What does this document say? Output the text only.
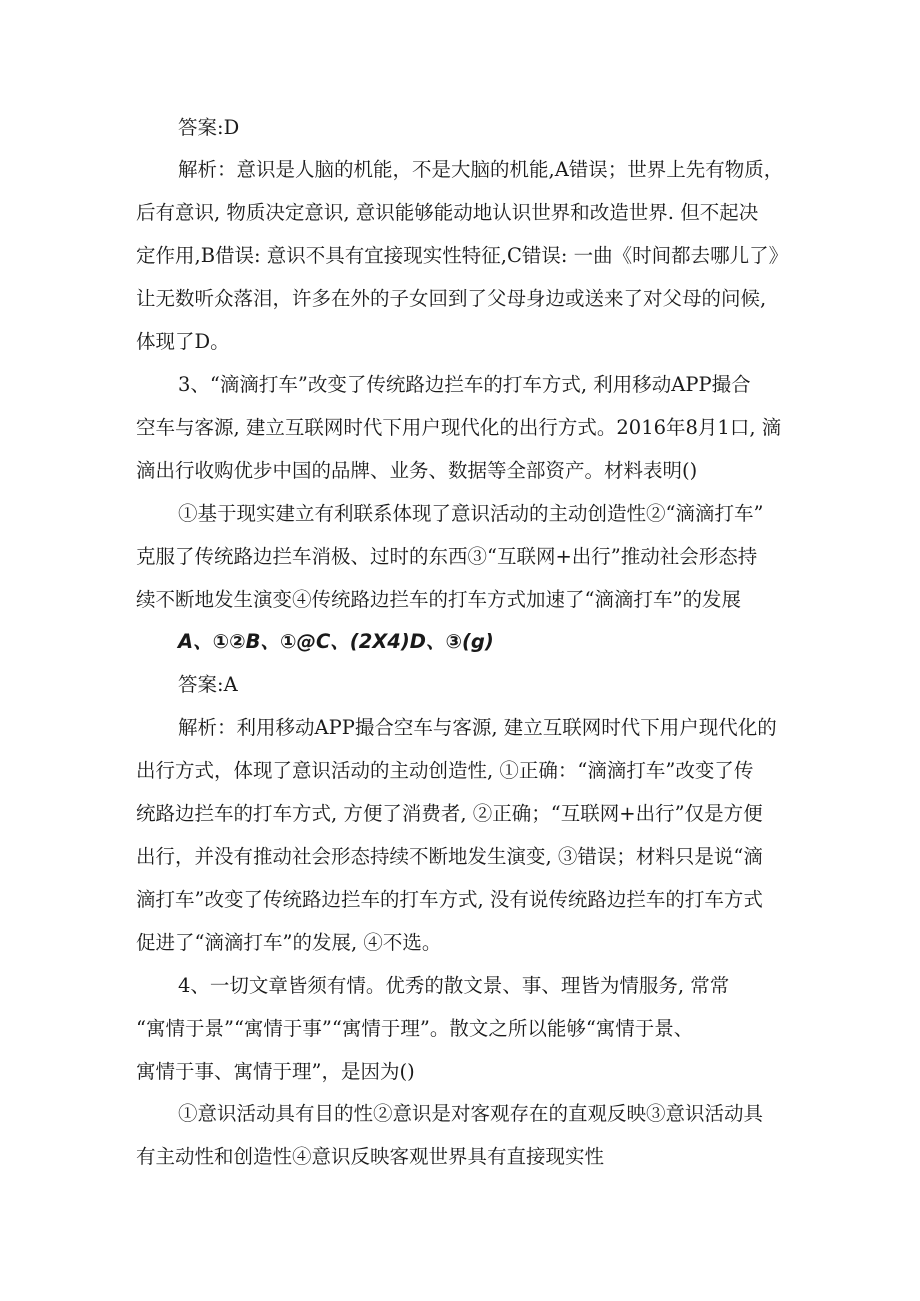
答案:D
解析：意识是人脑的机能，不是大脑的机能,A错误；世界上先有物质，
后有意识, 物质决定意识, 意识能够能动地认识世界和改造世界. 但不起决
定作用,B借误: 意识不具有宜接现实性特征,C错误: 一曲《时间都去哪儿了》
让无数听众落泪，许多在外的子女回到了父母身边或送来了对父母的问候,
体现了D。
3、“滴滴打车”改变了传统路边拦车的打车方式, 利用移动APP撮合
空车与客源, 建立互联网时代下用户现代化的出行方式。2016年8月1口, 滴
滴出行收购优步中国的品牌、业务、数据等全部资产。材料表明()
①基于现实建立有利联系体现了意识活动的主动创造性②“滴滴打车”
克服了传统路边拦车消极、过时的东西③“互联网+出行”推动社会形态持
续不断地发生演变④传统路边拦车的打车方式加速了“滴滴打车”的发展
A、①②B、①@C、(2X4)D、③(g)
答案:A
解析：利用移动APP撮合空车与客源, 建立互联网时代下用户现代化的
出行方式，体现了意识活动的主动创造性, ①正确：“滴滴打车”改变了传
统路边拦车的打车方式, 方便了消费者, ②正确；“互联网+出行”仅是方便
出行，并没有推动社会形态持续不断地发生演变, ③错误；材料只是说“滴
滴打车”改变了传统路边拦车的打车方式, 没有说传统路边拦车的打车方式
促进了“滴滴打车”的发展, ④不选。
4、一切文章皆须有情。优秀的散文景、事、理皆为情服务, 常常
“寓情于景”“寓情于事”“寓情于理”。散文之所以能够“寓情于景、
寓情于事、寓情于理”，是因为()
①意识活动具有目的性②意识是对客观存在的直观反映③意识活动具
有主动性和创造性④意识反映客观世界具有直接现实性
